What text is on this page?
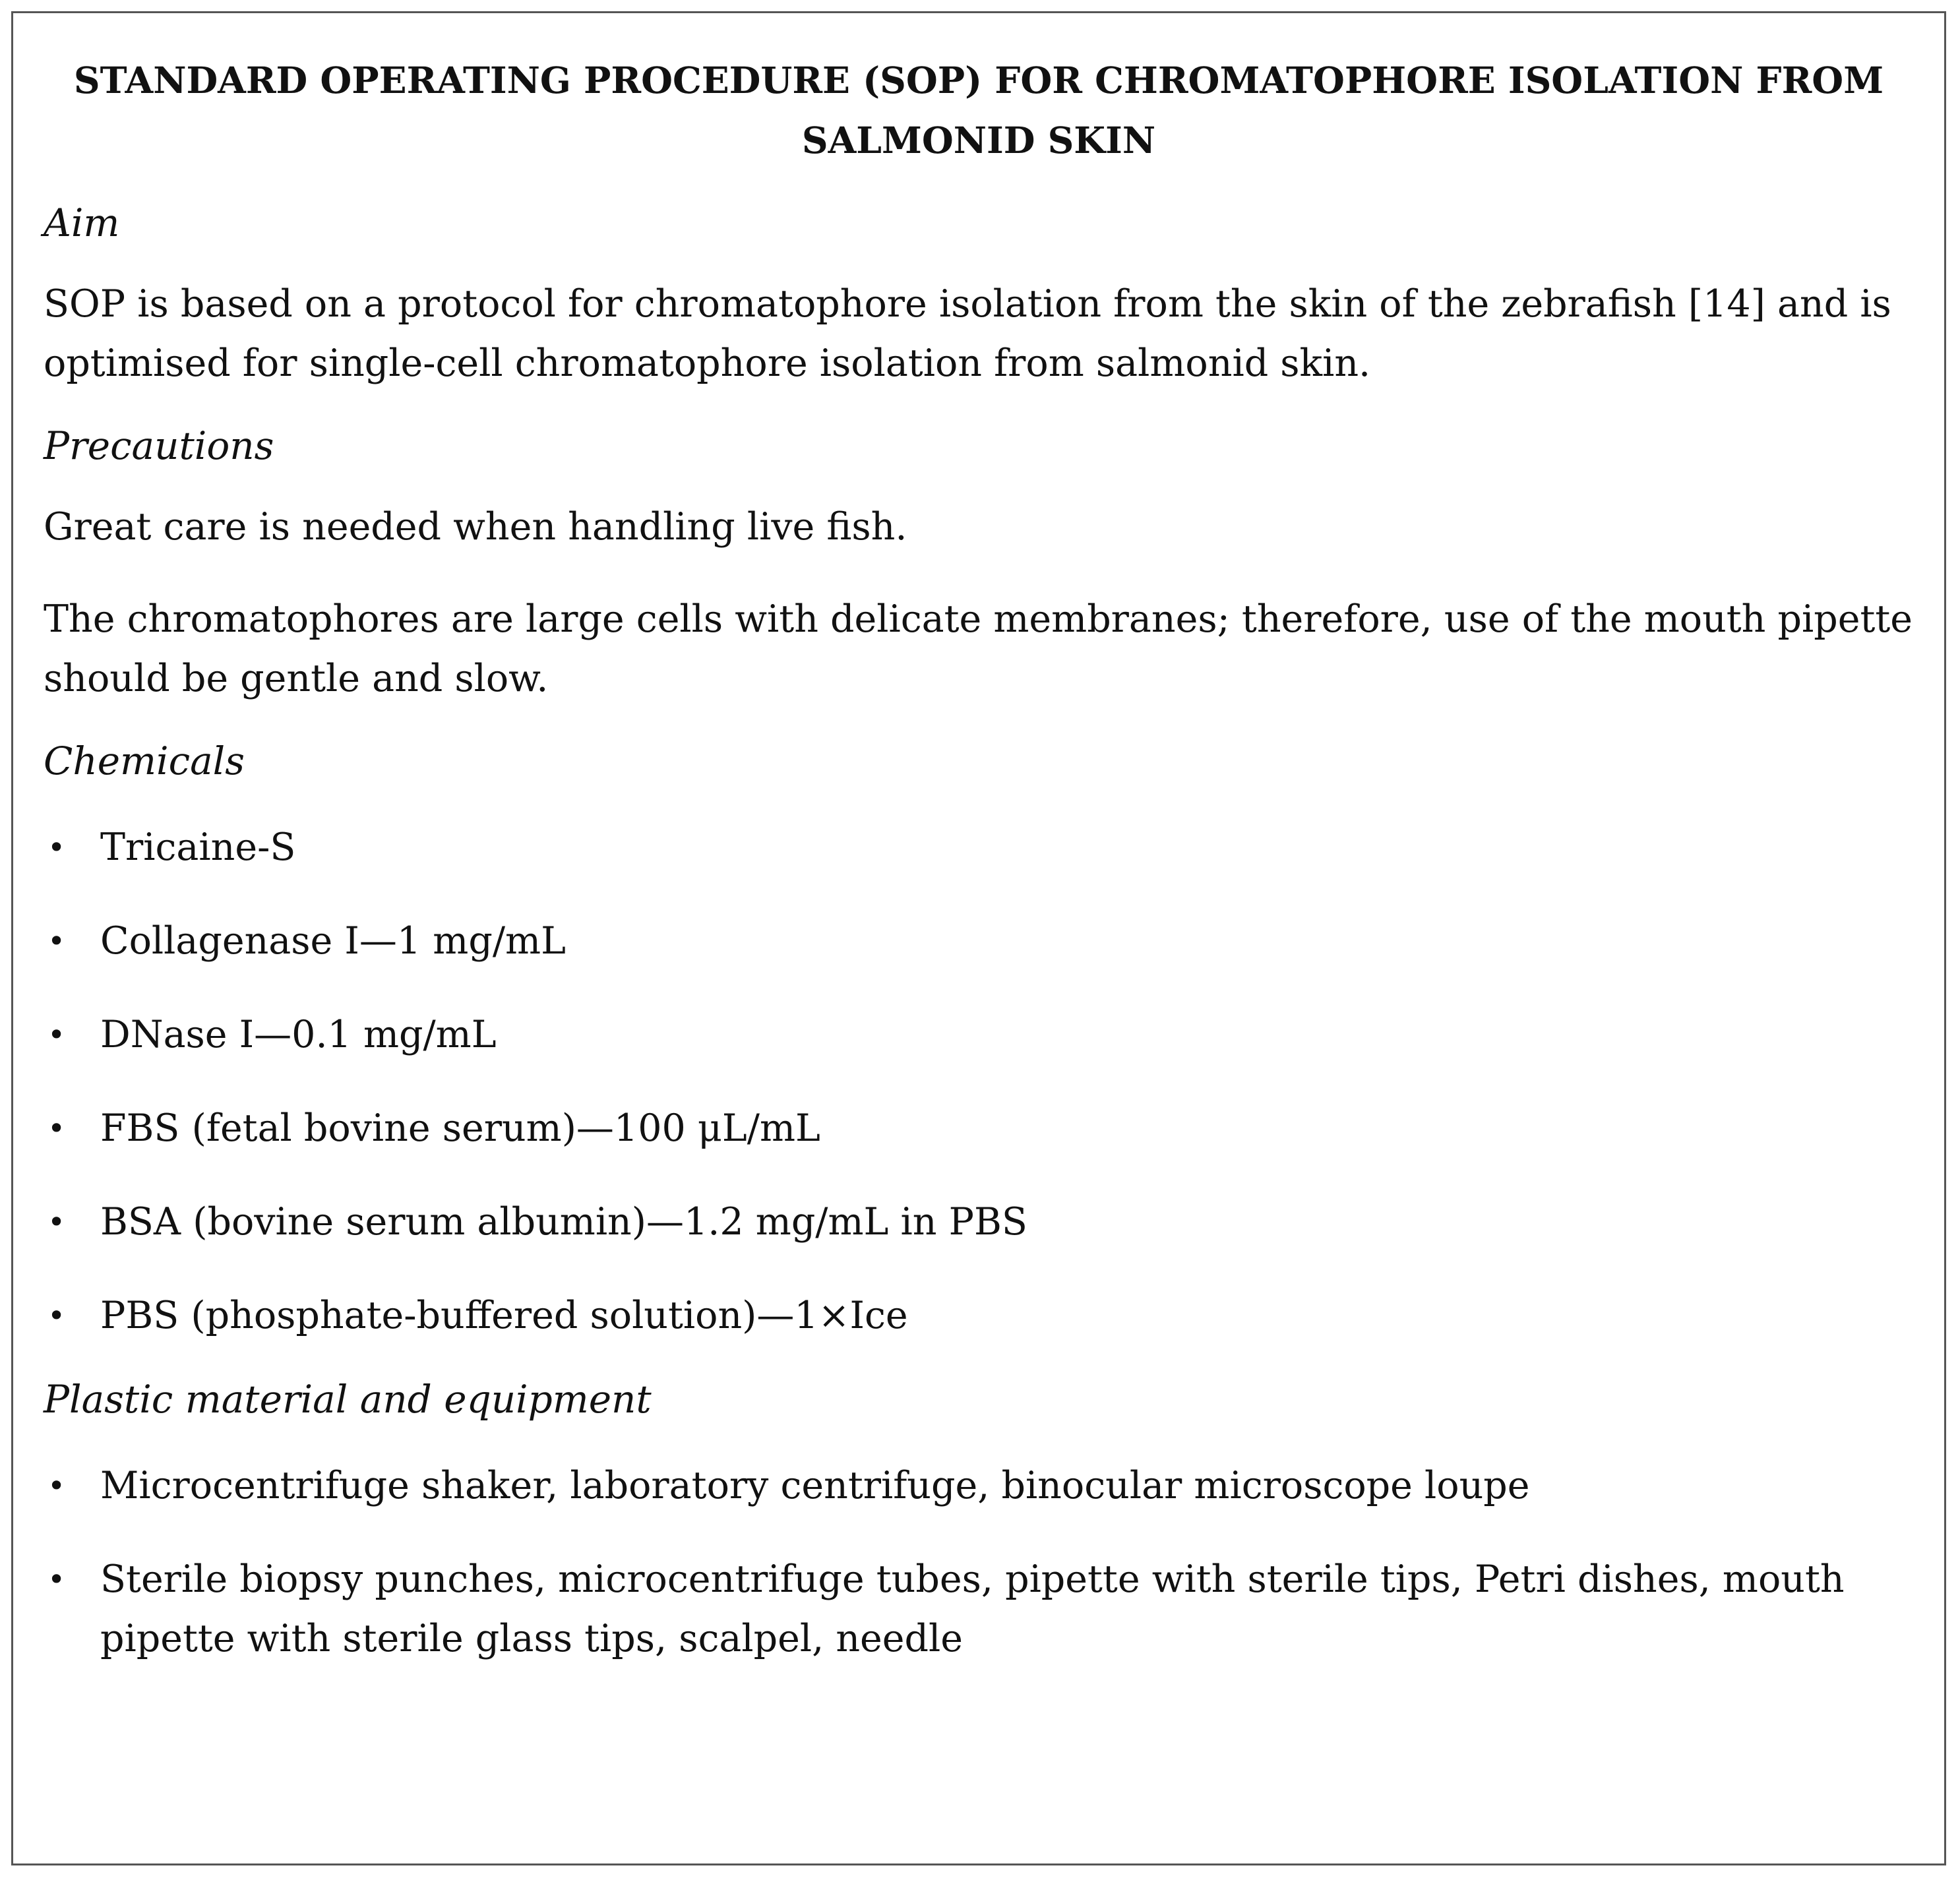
STANDARD OPERATING PROCEDURE (SOP) FOR CHROMATOPHORE ISOLATION FROM SALMONID SKIN
Aim

SOP is based on a protocol for chromatophore isolation from the skin of the zebrafish [14] and is optimised for single-cell chromatophore isolation from salmonid skin.

Precautions

Great care is needed when handling live fish.

The chromatophores are large cells with delicate membranes; therefore, use of the mouth pipette should be gentle and slow.

Chemicals
• Tricaine-S
• Collagenase I—1 mg/mL
• DNase I—0.1 mg/mL
• FBS (fetal bovine serum)—100 μL/mL
• BSA (bovine serum albumin)—1.2 mg/mL in PBS
• PBS (phosphate-buffered solution)—1×Ice
Plastic material and equipment
• Microcentrifuge shaker, laboratory centrifuge, binocular microscope loupe
• Sterile biopsy punches, microcentrifuge tubes, pipette with sterile tips, Petri dishes, mouth pipette with sterile glass tips, scalpel, needle
